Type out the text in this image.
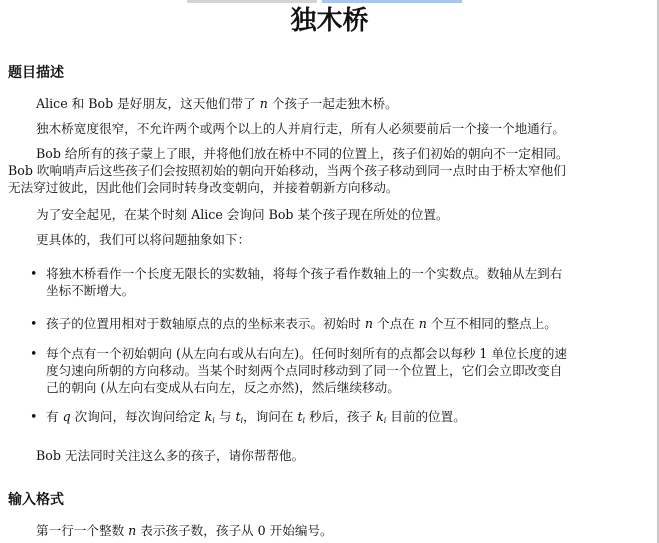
独木桥
题目描述

Alice 和 Bob 是好朋友，这天他们带了 n 个孩子一起走独木桥。

独木桥宽度很窄，不允许两个或两个以上的人并肩行走，所有人必须要前后一个接一个地通行。

Bob 给所有的孩子蒙上了眼，并将他们放在桥中不同的位置上，孩子们初始的朝向不一定相同。

Bob 吹响哨声后这些孩子们会按照初始的朝向开始移动，当两个孩子移动到同一点时由于桥太窄他们

无法穿过彼此，因此他们会同时转身改变朝向，并接着朝新方向移动。

为了安全起见，在某个时刻 Alice 会询问 Bob 某个孩子现在所处的位置。

更具体的，我们可以将问题抽象如下：

• 将独木桥看作一个长度无限长的实数轴，将每个孩子看作数轴上的一个实数点。数轴从左到右
坐标不断增大。
• 孩子的位置用相对于数轴原点的点的坐标来表示。初始时 n 个点在 n 个互不相同的整点上。
• 每个点有一个初始朝向 (从左向右或从右向左)。任何时刻所有的点都会以每秒 1 单位长度的速
度匀速向所朝的方向移动。当某个时刻两个点同时移动到了同一个位置上，它们会立即改变自
己的朝向 (从左向右变成从右向左，反之亦然)，然后继续移动。
• 有 q 次询问，每次询问给定 $k_i$ 与 $t_i$，询问在 $t_i$ 秒后，孩子 $k_i$ 目前的位置。

Bob 无法同时关注这么多的孩子，请你帮帮他。

输入格式

第一行一个整数 n 表示孩子数，孩子从 0 开始编号。
